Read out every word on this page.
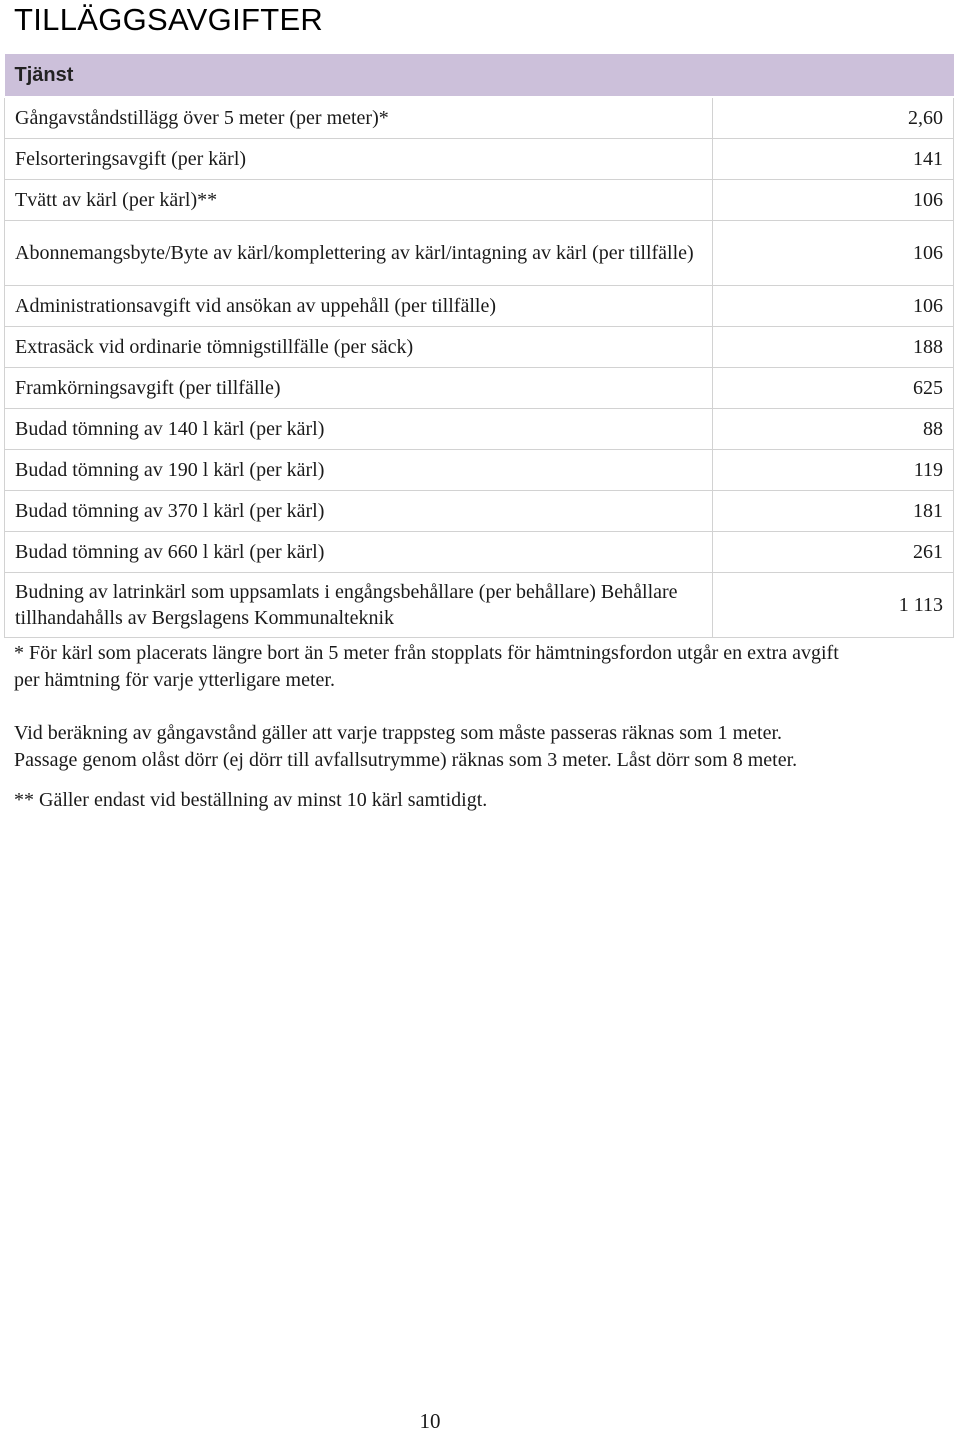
TILLÄGGSAVGIFTER
Tjänst	
Gångavståndstillägg över 5 meter (per meter)*	2,60
Felsorteringsavgift (per kärl)	141
Tvätt av kärl (per kärl)**	106
Abonnemangsbyte/Byte av kärl/komplettering av kärl/intagning av kärl (per tillfälle)	106
Administrationsavgift vid ansökan av uppehåll (per tillfälle)	106
Extrasäck vid ordinarie tömnigstillfälle (per säck)	188
Framkörningsavgift (per tillfälle)	625
Budad tömning av 140 l kärl (per kärl)	88
Budad tömning av 190 l kärl (per kärl)	119
Budad tömning av 370 l kärl (per kärl)	181
Budad tömning av 660 l kärl (per kärl)	261
Budning av latrinkärl som uppsamlats i engångsbehållare (per behållare) Behållare tillhandahålls av Bergslagens Kommunalteknik	1 113

* För kärl som placerats längre bort än 5 meter från stopplats för hämtningsfordon utgår en extra avgift per hämtning för varje ytterligare meter.

Vid beräkning av gångavstånd gäller att varje trappsteg som måste passeras räknas som 1 meter. Passage genom olåst dörr (ej dörr till avfallsutrymme) räknas som 3 meter. Låst dörr som 8 meter.

** Gäller endast vid beställning av minst 10 kärl samtidigt.

10
